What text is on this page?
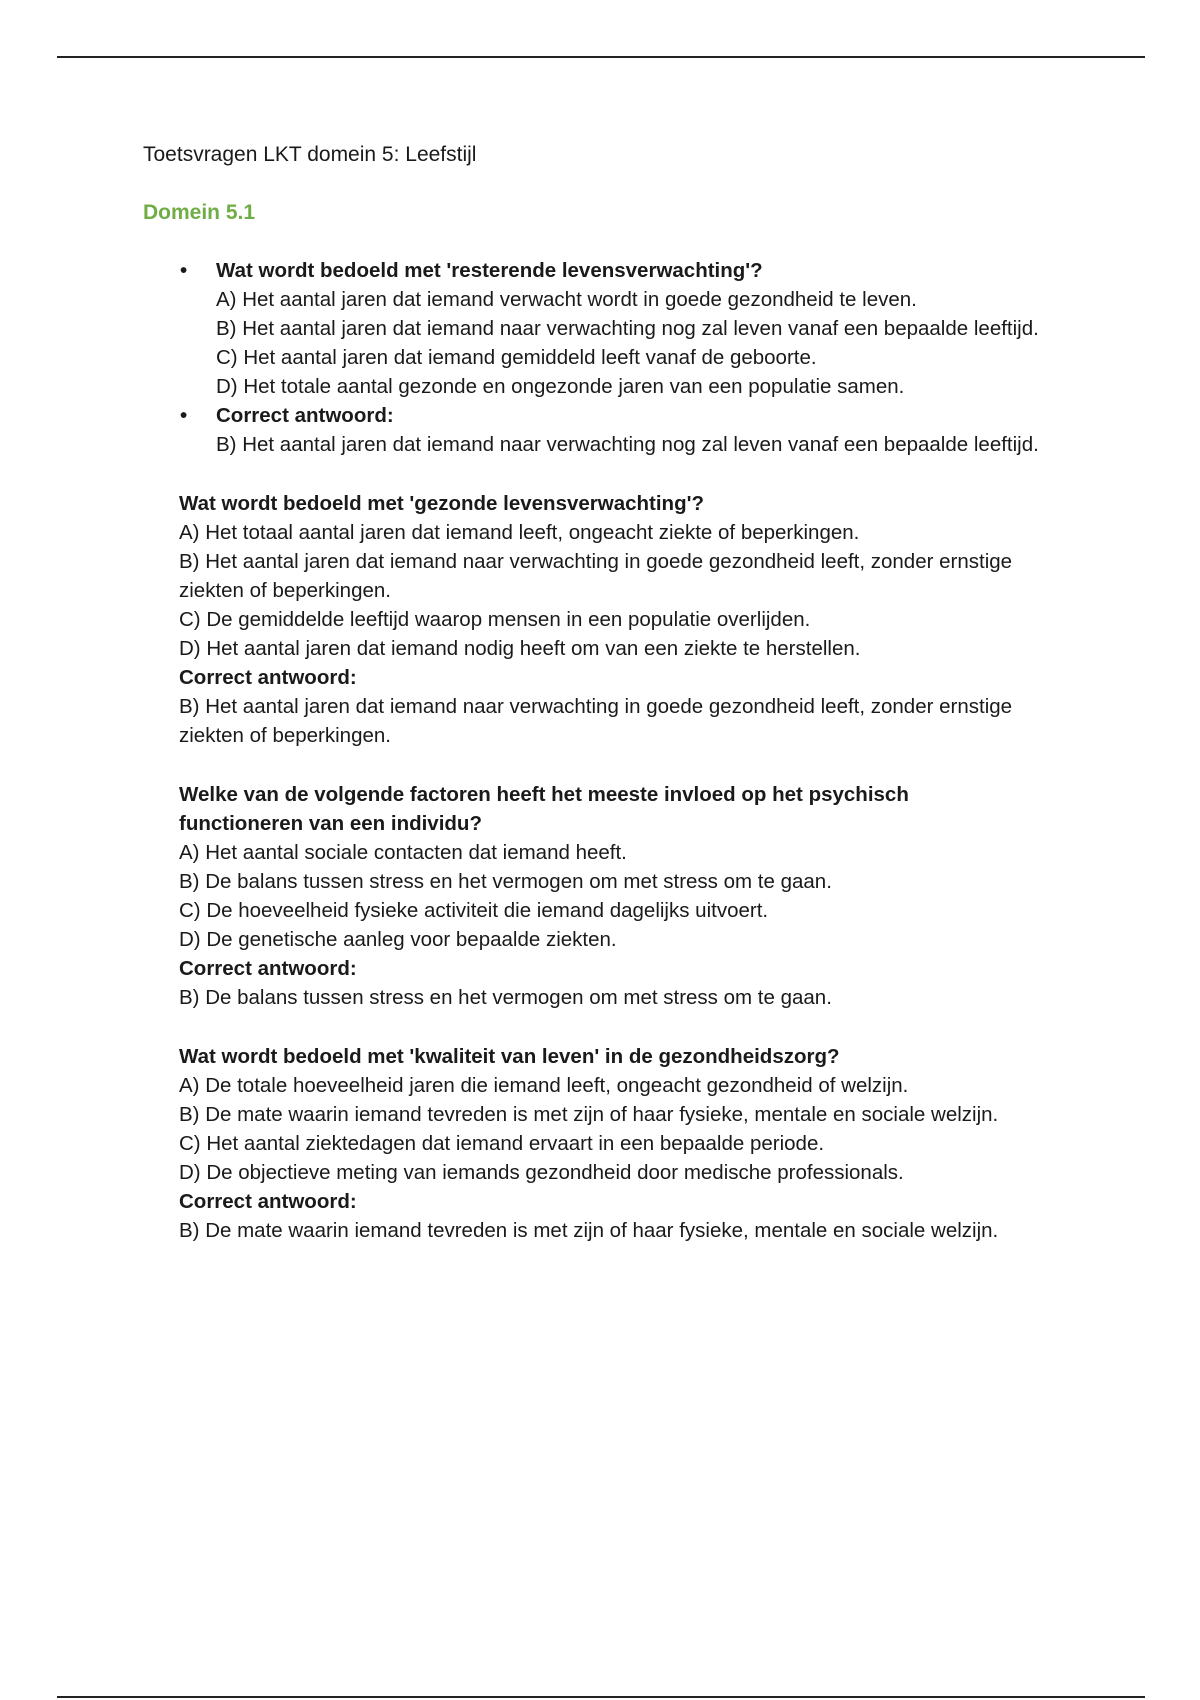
Toetsvragen LKT domein 5: Leefstijl

Domein 5.1

• Wat wordt bedoeld met 'resterende levensverwachting'?
A) Het aantal jaren dat iemand verwacht wordt in goede gezondheid te leven.
B) Het aantal jaren dat iemand naar verwachting nog zal leven vanaf een bepaalde leeftijd.
C) Het aantal jaren dat iemand gemiddeld leeft vanaf de geboorte.
D) Het totale aantal gezonde en ongezonde jaren van een populatie samen.
• Correct antwoord:
B) Het aantal jaren dat iemand naar verwachting nog zal leven vanaf een bepaalde leeftijd.
Wat wordt bedoeld met 'gezonde levensverwachting'?
A) Het totaal aantal jaren dat iemand leeft, ongeacht ziekte of beperkingen.
B) Het aantal jaren dat iemand naar verwachting in goede gezondheid leeft, zonder ernstige ziekten of beperkingen.
C) De gemiddelde leeftijd waarop mensen in een populatie overlijden.
D) Het aantal jaren dat iemand nodig heeft om van een ziekte te herstellen.
Correct antwoord:
B) Het aantal jaren dat iemand naar verwachting in goede gezondheid leeft, zonder ernstige ziekten of beperkingen.
Welke van de volgende factoren heeft het meeste invloed op het psychisch functioneren van een individu?
A) Het aantal sociale contacten dat iemand heeft.
B) De balans tussen stress en het vermogen om met stress om te gaan.
C) De hoeveelheid fysieke activiteit die iemand dagelijks uitvoert.
D) De genetische aanleg voor bepaalde ziekten.
Correct antwoord:
B) De balans tussen stress en het vermogen om met stress om te gaan.
Wat wordt bedoeld met 'kwaliteit van leven' in de gezondheidszorg?
A) De totale hoeveelheid jaren die iemand leeft, ongeacht gezondheid of welzijn.
B) De mate waarin iemand tevreden is met zijn of haar fysieke, mentale en sociale welzijn.
C) Het aantal ziektedagen dat iemand ervaart in een bepaalde periode.
D) De objectieve meting van iemands gezondheid door medische professionals.
Correct antwoord:
B) De mate waarin iemand tevreden is met zijn of haar fysieke, mentale en sociale welzijn.
